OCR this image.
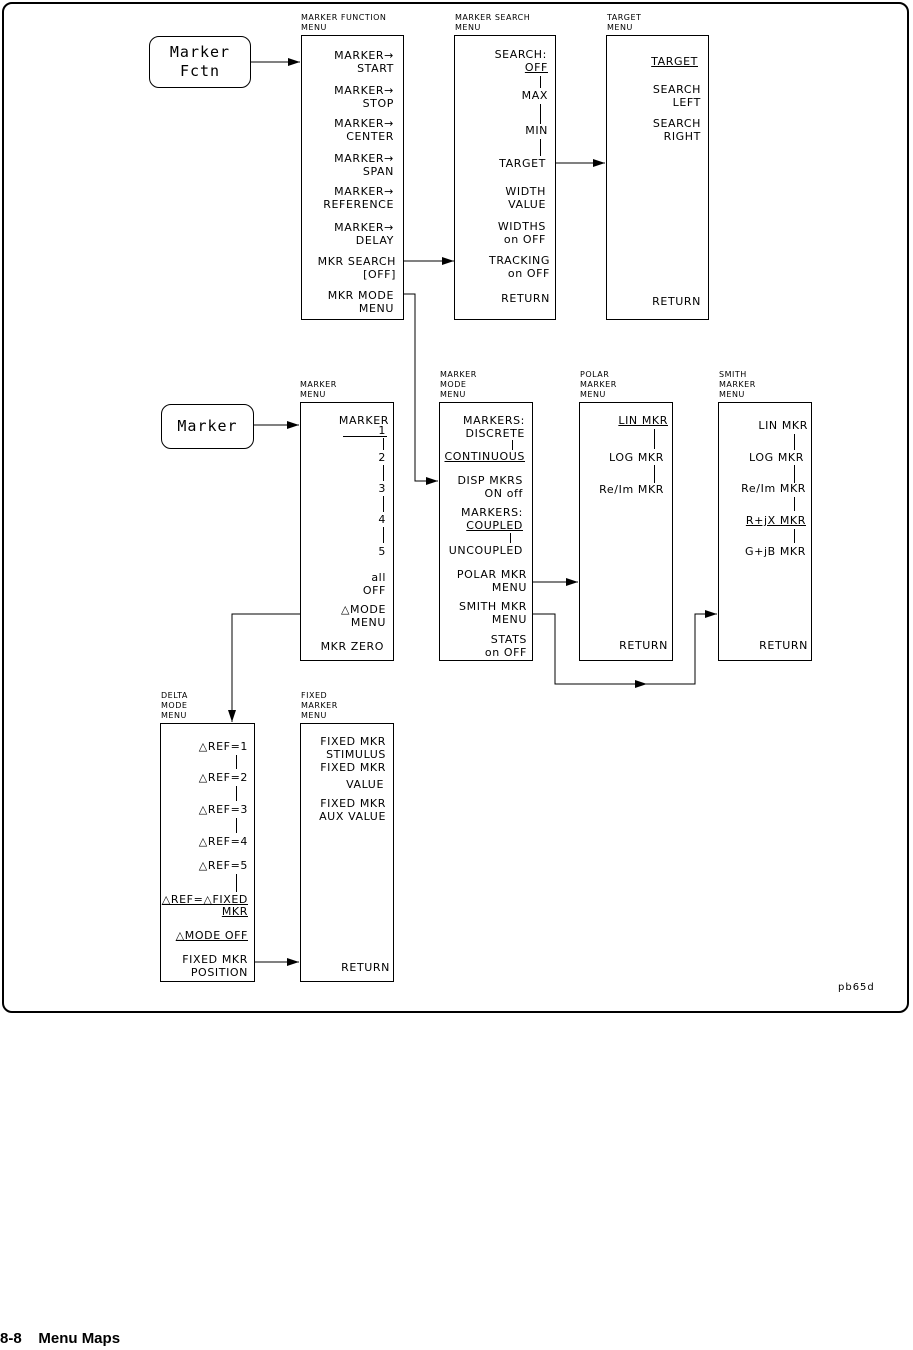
Marker
Fctn
Marker
MARKER FUNCTION
MENU
MARKER→
START
MARKER→
STOP
MARKER→
CENTER
MARKER→
SPAN
MARKER→
REFERENCE
MARKER→
DELAY
MKR SEARCH
[OFF]
MKR MODE
MENU
MARKER SEARCH
MENU
SEARCH:
OFF
MAX
MIN
TARGET
WIDTH
VALUE
WIDTHS
on OFF
TRACKING
on OFF
RETURN
TARGET
MENU
TARGET
SEARCH
LEFT
SEARCH
RIGHT
RETURN
MARKER
MENU
MARKER
1
2
3
4
5
all
OFF
△MODE
MENU
MKR ZERO
MARKER
MODE
MENU
MARKERS:
DISCRETE
CONTINUOUS
DISP MKRS
ON off
MARKERS:
COUPLED
UNCOUPLED
POLAR MKR
MENU
SMITH MKR
MENU
STATS
on OFF
POLAR
MARKER
MENU
LIN MKR
LOG MKR
Re/Im MKR
RETURN
SMITH
MARKER
MENU
LIN MKR
LOG MKR
Re/Im MKR
R+jX MKR
G+jB MKR
RETURN
DELTA
MODE
MENU
△REF=1
△REF=2
△REF=3
△REF=4
△REF=5
△REF=△FIXED
MKR
△MODE OFF
FIXED MKR
POSITION
FIXED
MARKER
MENU
FIXED MKR
STIMULUS
FIXED MKR
VALUE
FIXED MKR
AUX VALUE
RETURN
pb65d
8-8 Menu Maps
